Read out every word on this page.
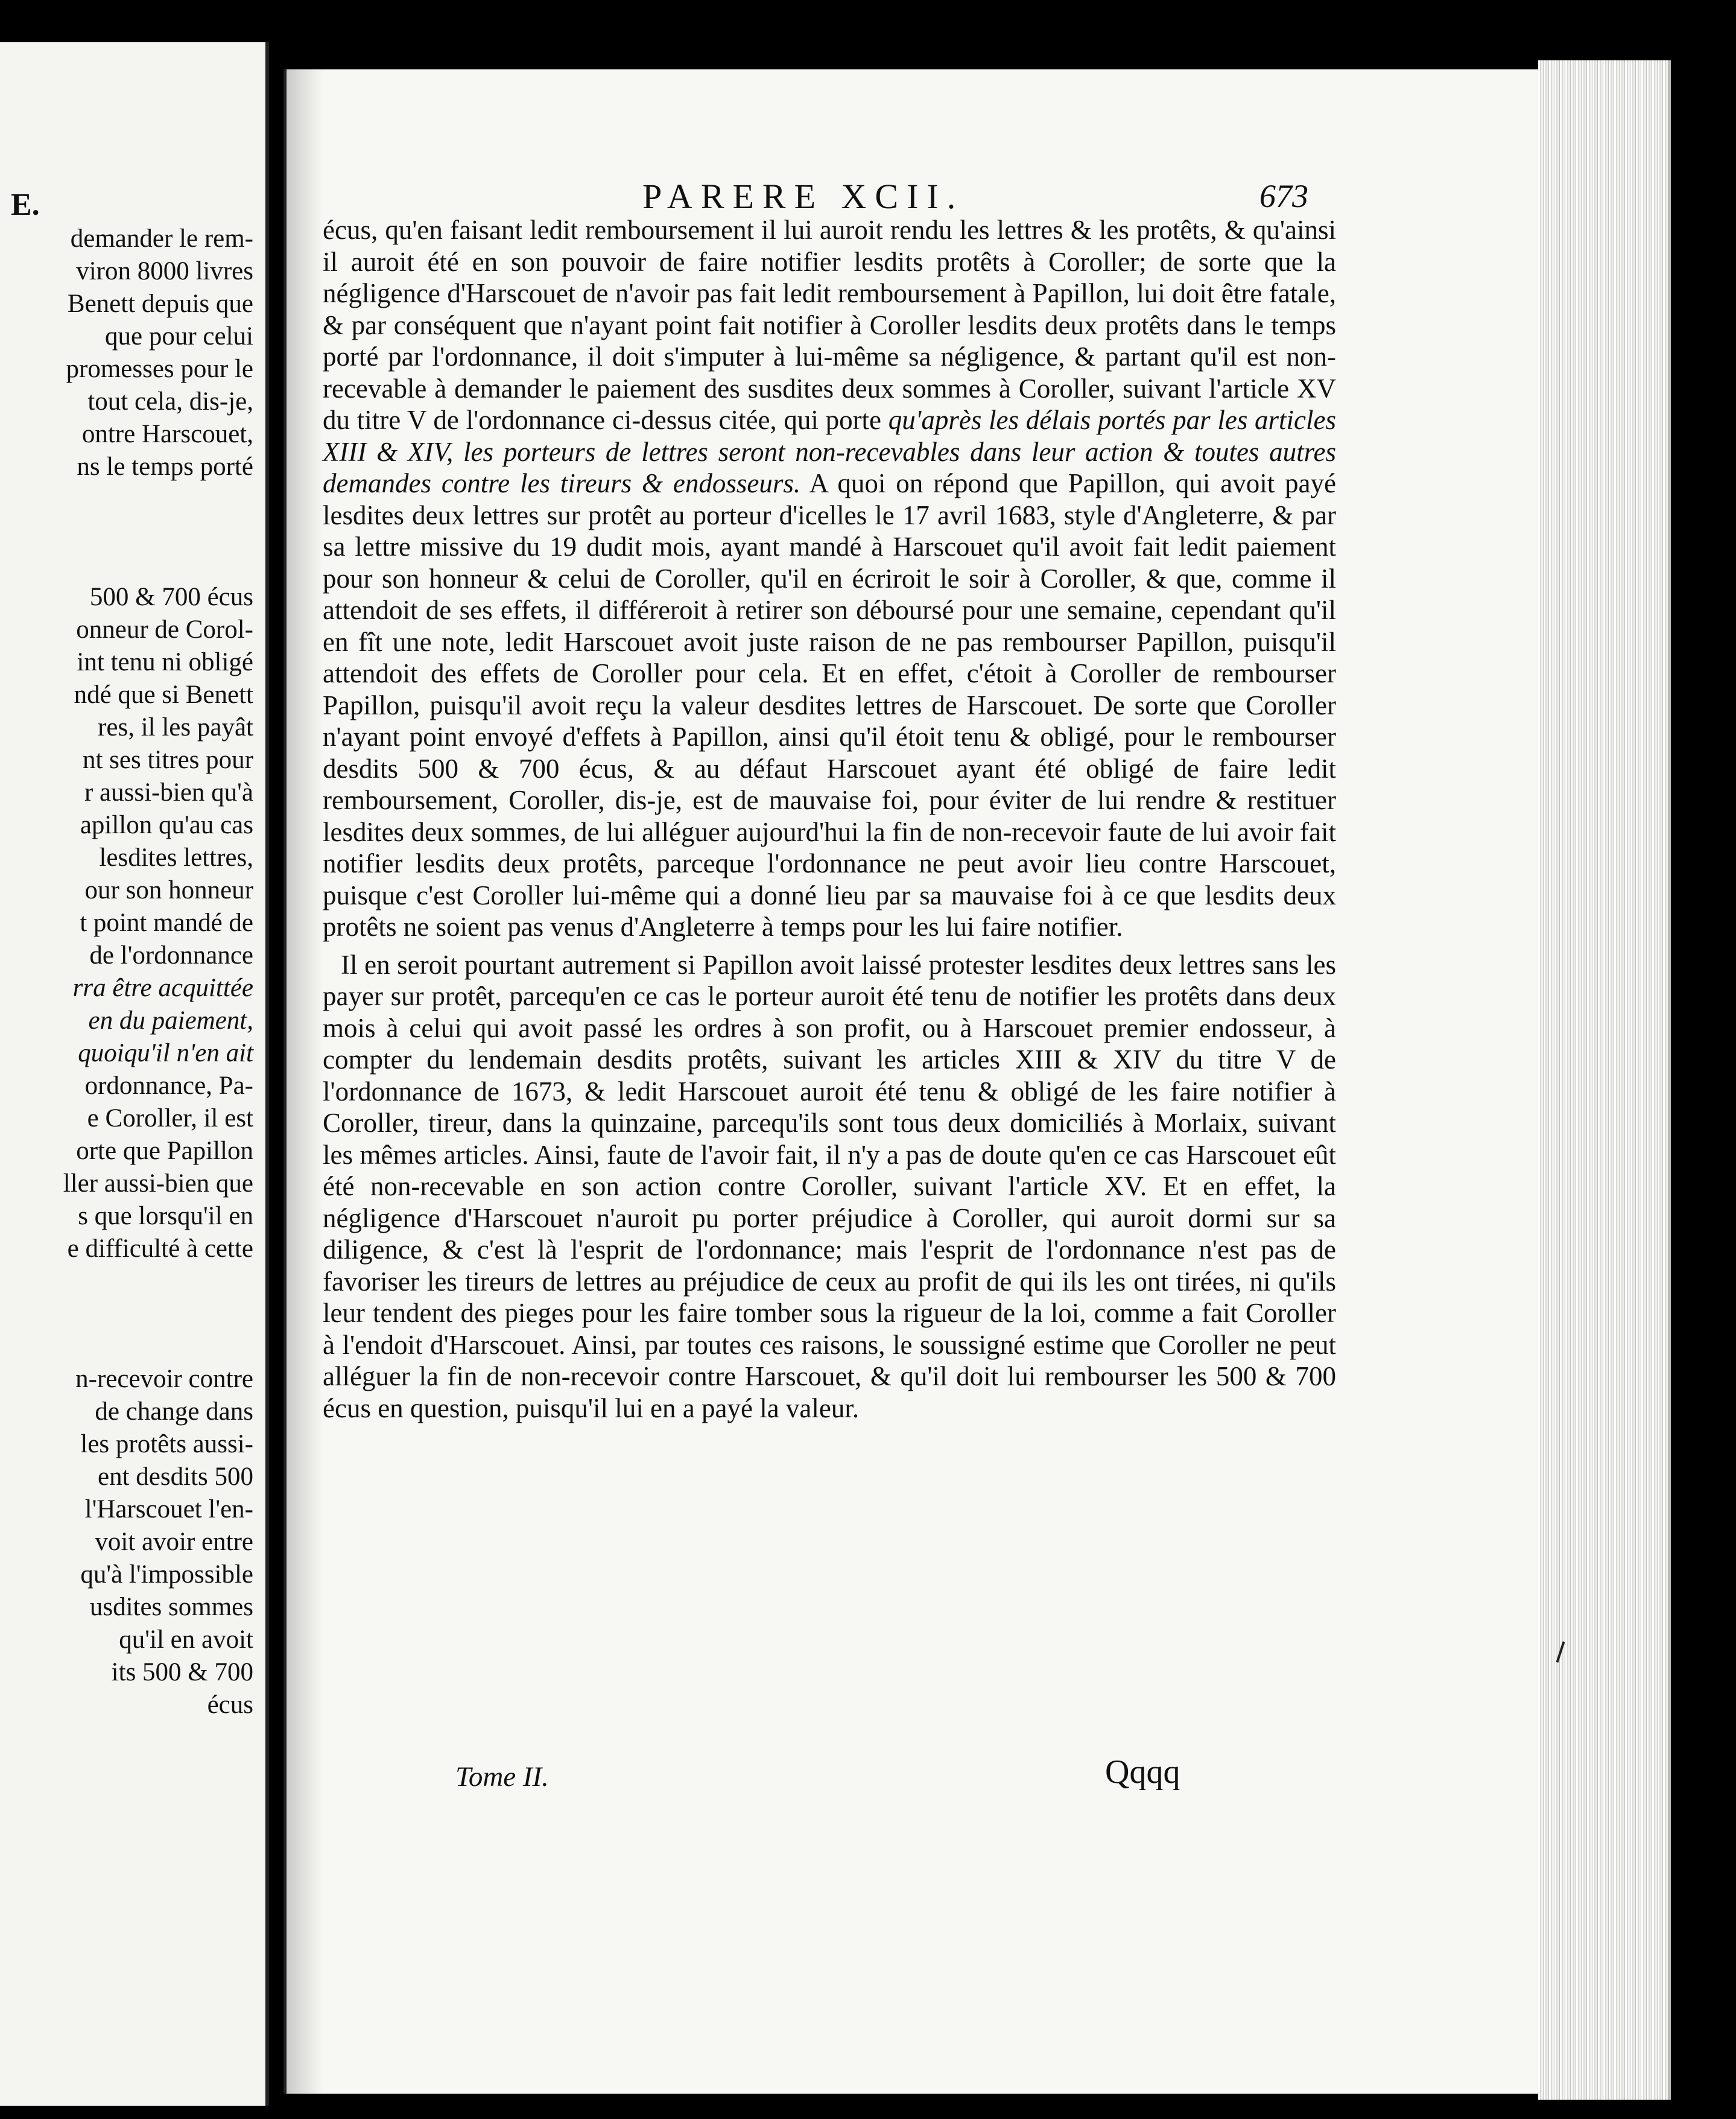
E.
demander le rem-
viron 8000 livres
Benett depuis que
que pour celui
promesses pour le
tout cela, dis-je,
ontre Harscouet,
ns le temps porté
500 & 700 écus
onneur de Corol-
int tenu ni obligé
ndé que si Benett
res, il les payât
nt ses titres pour
r aussi-bien qu'à
apillon qu'au cas
lesdites lettres,
our son honneur
t point mandé de
de l'ordonnance
rra être acquittée
en du paiement,
quoiqu'il n'en ait
ordonnance, Pa-
e Coroller, il est
orte que Papillon
ller aussi-bien que
s que lorsqu'il en
e difficulté à cette
n-recevoir contre
de change dans
les protêts aussi-
ent desdits 500
l'Harscouet l'en-
voit avoir entre
qu'à l'impossible
usdites sommes
qu'il en avoit
its 500 & 700
écus
PARERE XCII.	673

écus, qu'en faisant ledit remboursement il lui auroit rendu les lettres & les protêts, & qu'ainsi il auroit été en son pouvoir de faire notifier lesdits protêts à Coroller; de sorte que la négligence d'Harscouet de n'avoir pas fait ledit remboursement à Papillon, lui doit être fatale, & par conséquent que n'ayant point fait notifier à Coroller lesdits deux protêts dans le temps porté par l'ordonnance, il doit s'imputer à lui-même sa négligence, & partant qu'il est non-recevable à demander le paiement des susdites deux sommes à Coroller, suivant l'article XV du titre V de l'ordonnance ci-dessus citée, qui porte qu'après les délais portés par les articles XIII & XIV, les porteurs de lettres seront non-recevables dans leur action & toutes autres demandes contre les tireurs & endosseurs. A quoi on répond que Papillon, qui avoit payé lesdites deux lettres sur protêt au porteur d'icelles le 17 avril 1683, style d'Angleterre, & par sa lettre missive du 19 dudit mois, ayant mandé à Harscouet qu'il avoit fait ledit paiement pour son honneur & celui de Coroller, qu'il en écriroit le soir à Coroller, & que, comme il attendoit de ses effets, il différeroit à retirer son déboursé pour une semaine, cependant qu'il en fît une note, ledit Harscouet avoit juste raison de ne pas rembourser Papillon, puisqu'il attendoit des effets de Coroller pour cela. Et en effet, c'étoit à Coroller de rembourser Papillon, puisqu'il avoit reçu la valeur desdites lettres de Harscouet. De sorte que Coroller n'ayant point envoyé d'effets à Papillon, ainsi qu'il étoit tenu & obligé, pour le rembourser desdits 500 & 700 écus, & au défaut Harscouet ayant été obligé de faire ledit remboursement, Coroller, dis-je, est de mauvaise foi, pour éviter de lui rendre & restituer lesdites deux sommes, de lui alléguer aujourd'hui la fin de non-recevoir faute de lui avoir fait notifier lesdits deux protêts, parceque l'ordonnance ne peut avoir lieu contre Harscouet, puisque c'est Coroller lui-même qui a donné lieu par sa mauvaise foi à ce que lesdits deux protêts ne soient pas venus d'Angleterre à temps pour les lui faire notifier.

Il en seroit pourtant autrement si Papillon avoit laissé protester lesdites deux lettres sans les payer sur protêt, parcequ'en ce cas le porteur auroit été tenu de notifier les protêts dans deux mois à celui qui avoit passé les ordres à son profit, ou à Harscouet premier endosseur, à compter du lendemain desdits protêts, suivant les articles XIII & XIV du titre V de l'ordonnance de 1673, & ledit Harscouet auroit été tenu & obligé de les faire notifier à Coroller, tireur, dans la quinzaine, parcequ'ils sont tous deux domiciliés à Morlaix, suivant les mêmes articles. Ainsi, faute de l'avoir fait, il n'y a pas de doute qu'en ce cas Harscouet eût été non-recevable en son action contre Coroller, suivant l'article XV. Et en effet, la négligence d'Harscouet n'auroit pu porter préjudice à Coroller, qui auroit dormi sur sa diligence, & c'est là l'esprit de l'ordonnance; mais l'esprit de l'ordonnance n'est pas de favoriser les tireurs de lettres au préjudice de ceux au profit de qui ils les ont tirées, ni qu'ils leur tendent des pieges pour les faire tomber sous la rigueur de la loi, comme a fait Coroller à l'endoit d'Harscouet. Ainsi, par toutes ces raisons, le soussigné estime que Coroller ne peut alléguer la fin de non-recevoir contre Harscouet, & qu'il doit lui rembourser les 500 & 700 écus en question, puisqu'il lui en a payé la valeur.

Tome II.	Qqqq
